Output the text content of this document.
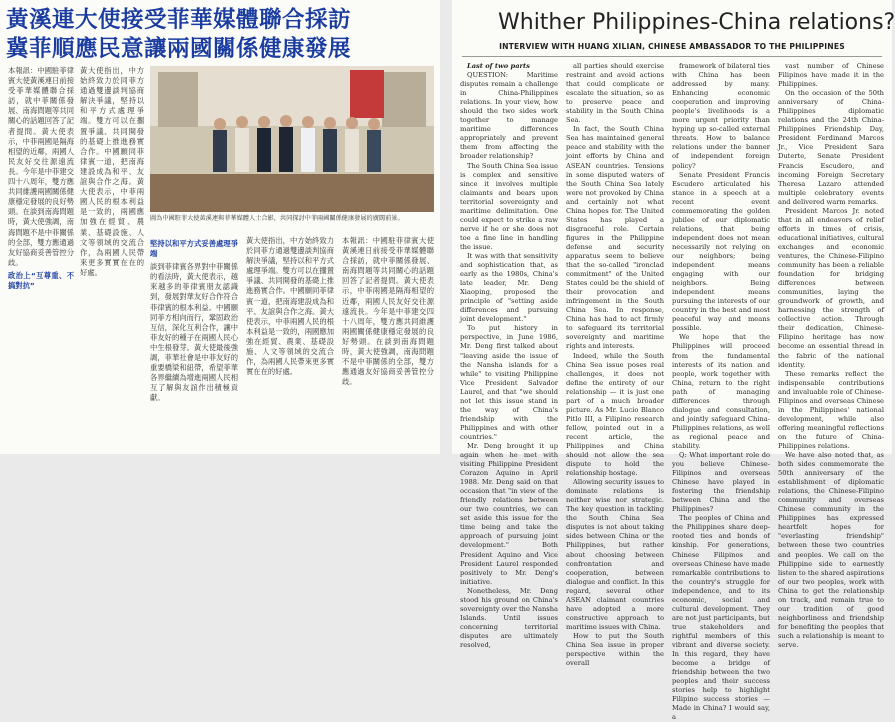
黃溪連大使接受菲華媒體聯合採訪
冀菲順應民意讓兩國關係健康發展
本報訊：中國駐菲律賓大使黃溪連日前接受菲華媒體聯合採訪，就中菲關係發展、南海問題等共同關心的話題回答了記者提問。黃大使表示，中菲兩國是隔海相望的近鄰，兩國人民友好交往源遠流長。今年是中菲建交四十八周年，雙方應共同維護兩國關係健康穩定發展的良好勢頭。在談到南海問題時，黃大使強調，南海問題不是中菲關係的全部，雙方應通過友好協商妥善管控分歧。
政治上“互尊重、不搞對抗”
黃大使指出，中方始終致力於同菲方通過雙邊談判協商解決爭議，堅持以和平方式處理爭端。雙方可以在擱置爭議、共同開發的基礎上推進務實合作。中國願同菲律賓一道，把南海建設成為和平、友誼與合作之海。黃大使表示，中菲兩國人民的根本利益是一致的，兩國應加強在經貿、農業、基礎設施、人文等領域的交流合作，為兩國人民帶來更多實實在在的好處。
圖為中國駐菲大使黃溪連與菲華媒體人士合影，共同探討中菲兩國關係健康發展的廣闊前景。
堅持以和平方式妥善處理爭端
談到菲律賓各界對中菲關係的看法時，黃大使表示，越來越多的菲律賓朋友認識到，發展對華友好合作符合菲律賓的根本利益。中國願同菲方相向而行，鞏固政治互信，深化互利合作，讓中菲友好的種子在兩國人民心中生根發芽。黃大使最後強調，菲華社會是中菲友好的重要橋梁和紐帶，希望菲華各界繼續為增進兩國人民相互了解與友誼作出積極貢獻。
黃大使指出，中方始終致力於同菲方通過雙邊談判協商解決爭議，堅持以和平方式處理爭端。雙方可以在擱置爭議、共同開發的基礎上推進務實合作。中國願同菲律賓一道，把南海建設成為和平、友誼與合作之海。黃大使表示，中菲兩國人民的根本利益是一致的，兩國應加強在經貿、農業、基礎設施、人文等領域的交流合作，為兩國人民帶來更多實實在在的好處。
本報訊：中國駐菲律賓大使黃溪連日前接受菲華媒體聯合採訪，就中菲關係發展、南海問題等共同關心的話題回答了記者提問。黃大使表示，中菲兩國是隔海相望的近鄰，兩國人民友好交往源遠流長。今年是中菲建交四十八周年，雙方應共同維護兩國關係健康穩定發展的良好勢頭。在談到南海問題時，黃大使強調，南海問題不是中菲關係的全部，雙方應通過友好協商妥善管控分歧。
Whither Philippines-China relations?
INTERVIEW WITH HUANG XILIAN, CHINESE AMBASSADOR TO THE PHILIPPINES

Last of two parts

QUESTION: Maritime disputes remain a challenge in China-Philippines relations. In your view, how should the two sides work together to manage maritime differences appropriately and prevent them from affecting the broader relationship?

The South China Sea issue is complex and sensitive since it involves multiple claimants and bears upon territorial sovereignty and maritime delimitation. One could expect to strike a raw nerve if he or she does not toe a fine line in handling the issue.

It was with that sensitivity and sophistication that, as early as the 1980s, China's late leader, Mr. Deng Xiaoping, proposed the principle of "setting aside differences and pursuing joint development."

To put history in perspective, in June 1986, Mr. Deng first talked about "leaving aside the issue of the Nansha islands for a while" to visiting Philippine Vice President Salvador Laurel, and that "we should not let this issue stand in the way of China's friendship with the Philippines and with other countries."

Mr. Deng brought it up again when he met with visiting Philippine President Corazon Aquino in April 1988. Mr. Deng said on that occasion that "in view of the friendly relations between our two countries, we can set aside this issue for the time being and take the approach of pursuing joint development." Both President Aquino and Vice President Laurel responded positively to Mr. Deng's initiative.

Nonetheless, Mr. Deng stood his ground on China's sovereignty over the Nansha Islands. Until issues concerning territorial disputes are ultimately resolved,

all parties should exercise restraint and avoid actions that could complicate or escalate the situation, so as to preserve peace and stability in the South China Sea.

In fact, the South China Sea has maintained general peace and stability with the joint efforts by China and ASEAN countries. Tensions in some disputed waters of the South China Sea lately were not provoked by China and certainly not what China hopes for. The United States has played a disgraceful role. Certain figures in the Philippine defense and security apparatus seem to believe that the so-called "ironclad commitment" of the United States could be the shield of their provocation and infringement in the South China Sea. In response, China has had to act firmly to safeguard its territorial sovereignty and maritime rights and interests.

Indeed, while the South China Sea issue poses real challenges, it does not define the entirety of our relationship — it is just one part of a much broader picture. As Mr. Lucio Blanco Pitlo III, a Filipino research fellow, pointed out in a recent article, the Philippines and China should not allow the sea dispute to hold the relationship hostage.

Allowing security issues to dominate relations is neither wise nor strategic. The key question in tackling the South China Sea disputes is not about taking sides between China or the Philippines, but rather about choosing between confrontation and cooperation, between dialogue and conflict. In this regard, several other ASEAN claimant countries have adopted a more constructive approach to maritime issues with China.

How to put the South China Sea issue in proper perspective within the overall

framework of bilateral ties with China has been addressed by many. Enhancing economic cooperation and improving people's livelihoods is a more urgent priority than hyping up so-called external threats. How to balance relations under the banner of independent foreign policy?

Senate President Francis Escudero articulated his stance in a speech at a recent event commemorating the golden jubilee of our diplomatic relations, that being independent does not mean necessarily not relying on our neighbors; being independent means engaging with our neighbors. Being independent means pursuing the interests of our country in the best and most peaceful way and means possible.

We hope that the Philippines will proceed from the fundamental interests of its nation and people, work together with China, return to the right path of managing differences through dialogue and consultation, and jointly safeguard China-Philippines relations, as well as regional peace and stability.

Q: What important role do you believe Chinese-Filipinos and overseas Chinese have played in fostering the friendship between China and the Philippines?

The peoples of China and the Philippines share deep-rooted ties and bonds of kinship. For generations, Chinese Filipinos and overseas Chinese have made remarkable contributions to the country's struggle for independence, and to its economic, social and cultural development. They are not just participants, but true stakeholders and rightful members of this vibrant and diverse society. In this regard, they have become a bridge of friendship between the two peoples and their success stories help to highlight Filipino success stories — Made in China? I would say, a

vast number of Chinese Filipinos have made it in the Philippines.

On the occasion of the 50th anniversary of China-Philippines diplomatic relations and the 24th China-Philippines Friendship Day, President Ferdinand Marcos Jr., Vice President Sara Duterte, Senate President Francis Escudero, and incoming Foreign Secretary Theresa Lazaro attended multiple celebratory events and delivered warm remarks.

President Marcos Jr. noted that in all endeavors of relief efforts in times of crisis, educational initiatives, cultural exchanges and economic ventures, the Chinese-Filipino community has been a reliable foundation for bridging differences between communities, laying the groundwork of growth, and harnessing the strength of collective action. Through their dedication, Chinese-Filipino heritage has now become an essential thread in the fabric of the national identity.

These remarks reflect the indispensable contributions and invaluable role of Chinese-Filipinos and overseas Chinese in the Philippines' national development, while also offering meaningful reflections on the future of China-Philippines relations.

We have also noted that, as both sides commemorate the 50th anniversary of the establishment of diplomatic relations, the Chinese-Filipino community and overseas Chinese community in the Philippines has expressed heartfelt hopes for "everlasting friendship" between these two countries and peoples. We call on the Philippine side to earnestly listen to the shared aspirations of our two peoples, work with China to get the relationship on track, and remain true to our tradition of good neighborliness and friendship for benefiting the peoples that such a relationship is meant to serve.
